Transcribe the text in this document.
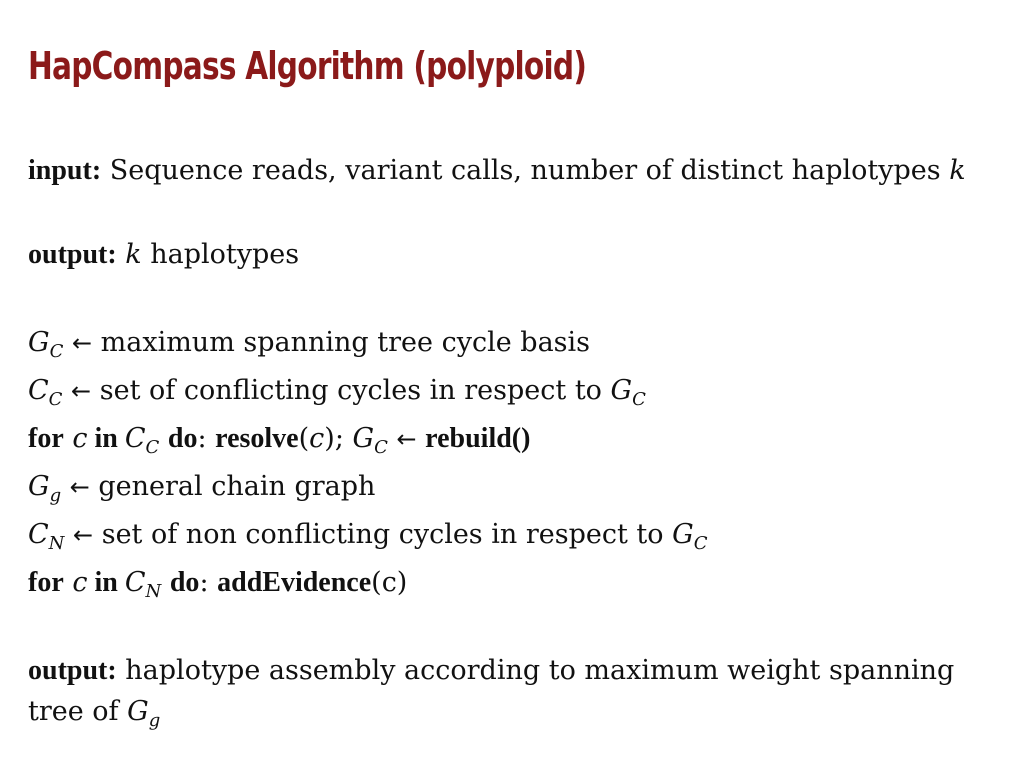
HapCompass Algorithm (polyploid)
input: Sequence reads, variant calls, number of distinct haplotypes k
output: k haplotypes
$G_C$ ← maximum spanning tree cycle basis
$C_C$ ← set of conflicting cycles in respect to $G_C$
for c in $C_C$ do: resolve(c); $G_C$ ← rebuild()
$G_g$ ← general chain graph
$C_N$ ← set of non conflicting cycles in respect to $G_C$
for c in $C_N$ do: addEvidence(c)
output: haplotype assembly according to maximum weight spanning tree of $G_g$
